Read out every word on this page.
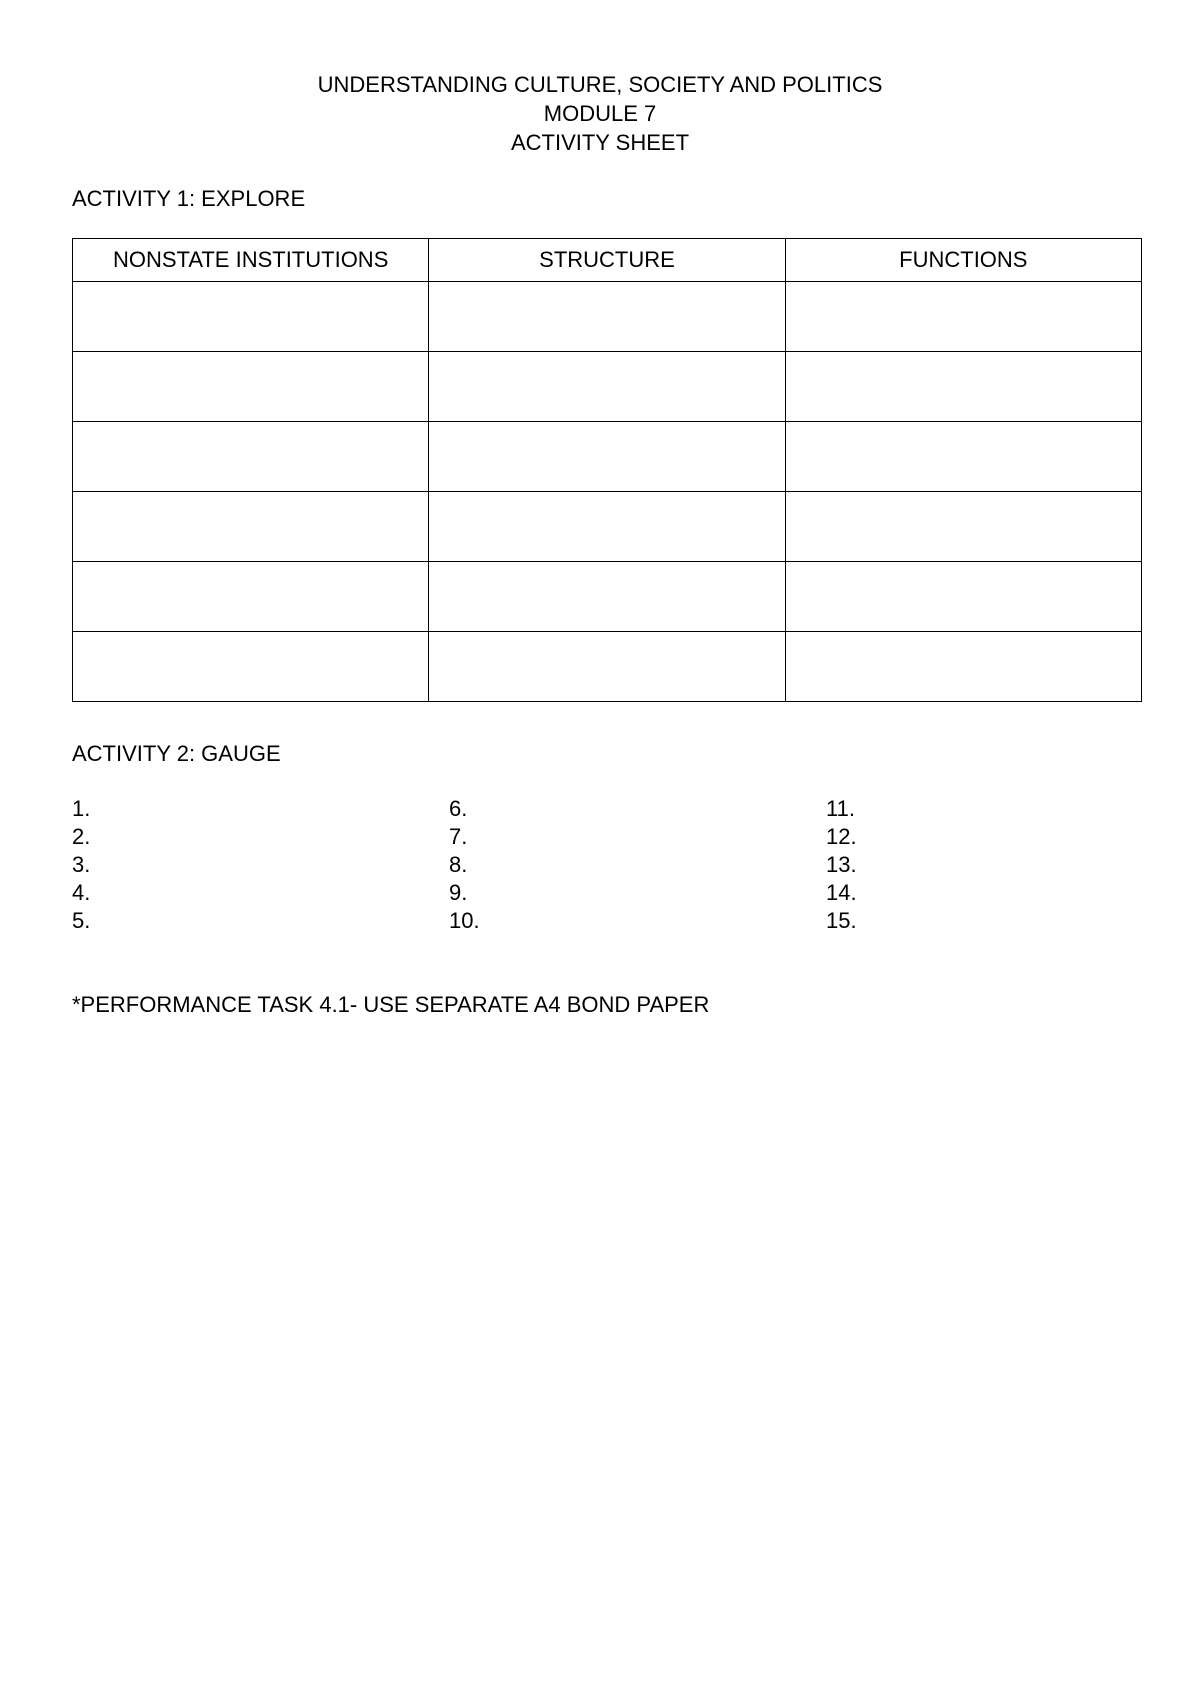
UNDERSTANDING CULTURE, SOCIETY AND POLITICS
MODULE 7
ACTIVITY SHEET
ACTIVITY 1: EXPLORE
NONSTATE INSTITUTIONS	STRUCTURE	FUNCTIONS

ACTIVITY 2: GAUGE
1.
2.
3.
4.
5.
6.
7.
8.
9.
10.
11.
12.
13.
14.
15.
*PERFORMANCE TASK 4.1- USE SEPARATE A4 BOND PAPER
